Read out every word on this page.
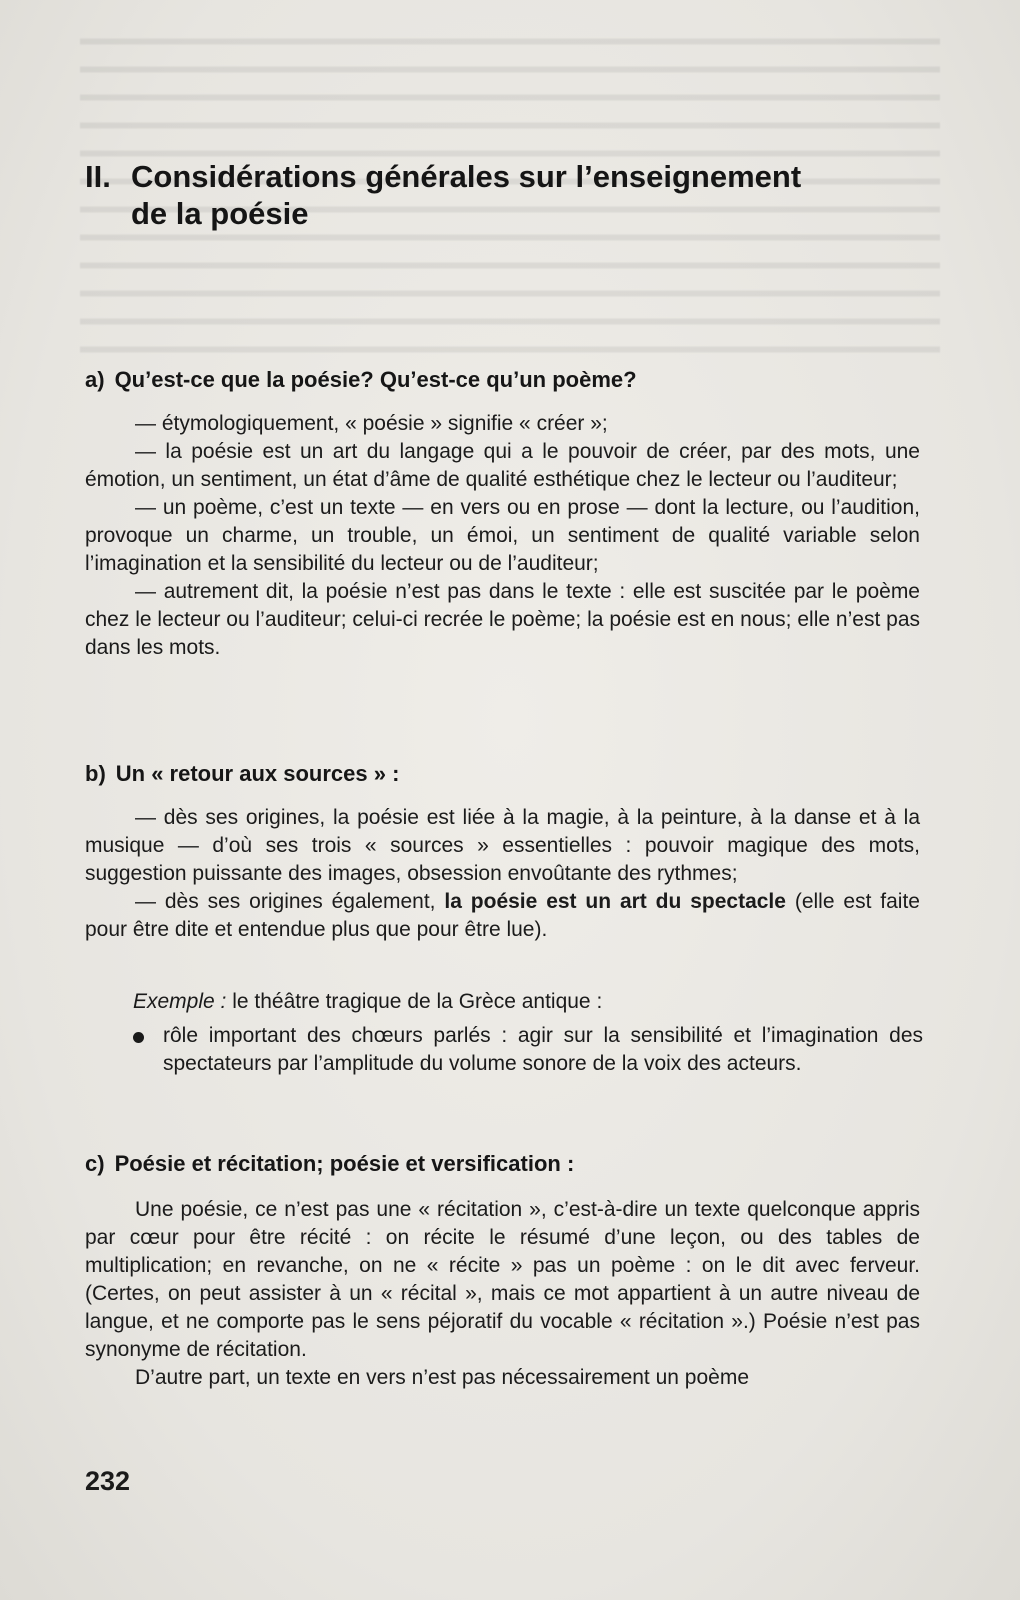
II. Considérations générales sur l’enseignement
de la poésie
a) Qu’est-ce que la poésie? Qu’est-ce qu’un poème?

— étymologiquement, « poésie » signifie « créer »;

— la poésie est un art du langage qui a le pouvoir de créer, par des mots, une émotion, un sentiment, un état d’âme de qualité esthétique chez le lecteur ou l’auditeur;

— un poème, c’est un texte — en vers ou en prose — dont la lecture, ou l’audition, provoque un charme, un trouble, un émoi, un sentiment de qualité variable selon l’imagination et la sensibilité du lecteur ou de l’auditeur;

— autrement dit, la poésie n’est pas dans le texte : elle est suscitée par le poème chez le lecteur ou l’auditeur; celui-ci recrée le poème; la poésie est en nous; elle n’est pas dans les mots.

b) Un « retour aux sources » :

— dès ses origines, la poésie est liée à la magie, à la peinture, à la danse et à la musique — d’où ses trois « sources » essentielles : pouvoir magique des mots, suggestion puissante des images, obsession envoûtante des rythmes;

— dès ses origines également, la poésie est un art du spectacle (elle est faite pour être dite et entendue plus que pour être lue).

Exemple : le théâtre tragique de la Grèce antique :
rôle important des chœurs parlés : agir sur la sensibilité et l’imagination des spectateurs par l’amplitude du volume sonore de la voix des acteurs.
c) Poésie et récitation; poésie et versification :

Une poésie, ce n’est pas une « récitation », c’est-à-dire un texte quelconque appris par cœur pour être récité : on récite le résumé d’une leçon, ou des tables de multiplication; en revanche, on ne « récite » pas un poème : on le dit avec ferveur. (Certes, on peut assister à un « récital », mais ce mot appartient à un autre niveau de langue, et ne comporte pas le sens péjoratif du vocable « récitation ».) Poésie n’est pas synonyme de récitation.

D’autre part, un texte en vers n’est pas nécessairement un poème

232
